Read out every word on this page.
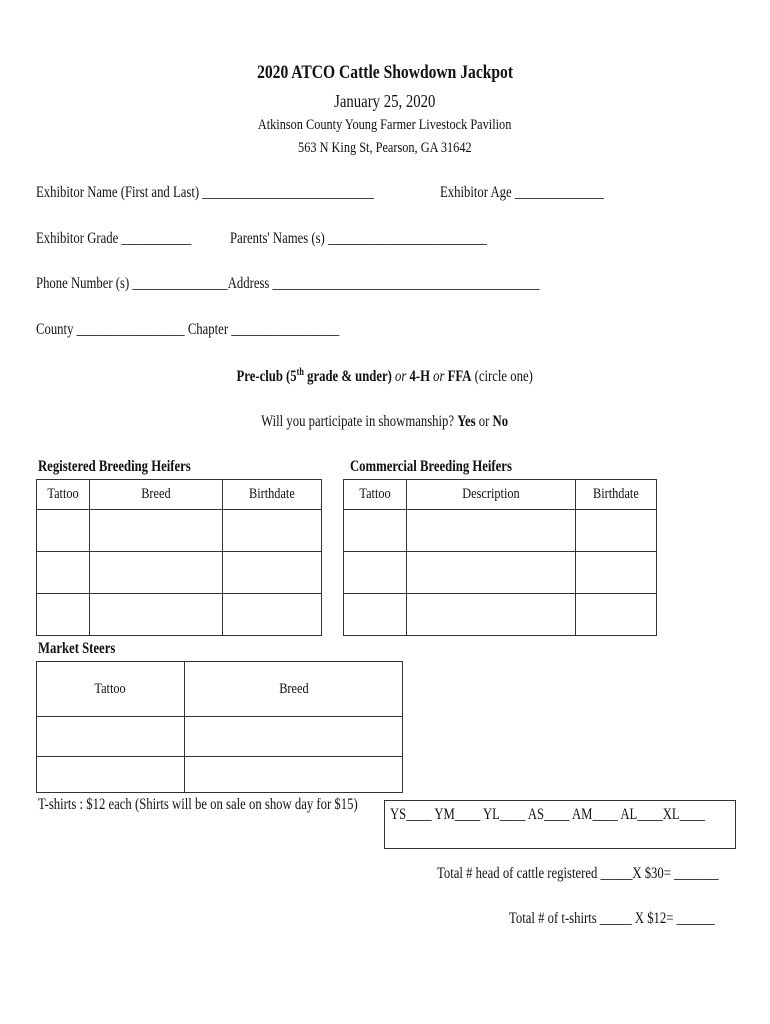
2020 ATCO Cattle Showdown Jackpot
January 25, 2020
Atkinson County Young Farmer Livestock Pavilion
563 N King St, Pearson, GA 31642
Exhibitor Name (First and Last) ___________________________	Exhibitor Age ______________
Exhibitor Grade ___________	Parents' Names (s) _________________________
Phone Number (s) _______________Address __________________________________________
County _________________ Chapter _________________
Pre-club (5th grade & under) or 4-H or FFA (circle one)
Will you participate in showmanship? Yes or No
Registered Breeding Heifers
Tattoo	Breed	Birthdate

Commercial Breeding Heifers
Tattoo	Description	Birthdate

Market Steers
Tattoo	Breed

T-shirts : $12 each (Shirts will be on sale on show day for $15)
YS____ YM____ YL____ AS____ AM____ AL____XL____
Total # head of cattle registered _____X $30= _______
Total # of t-shirts _____ X $12= ______
